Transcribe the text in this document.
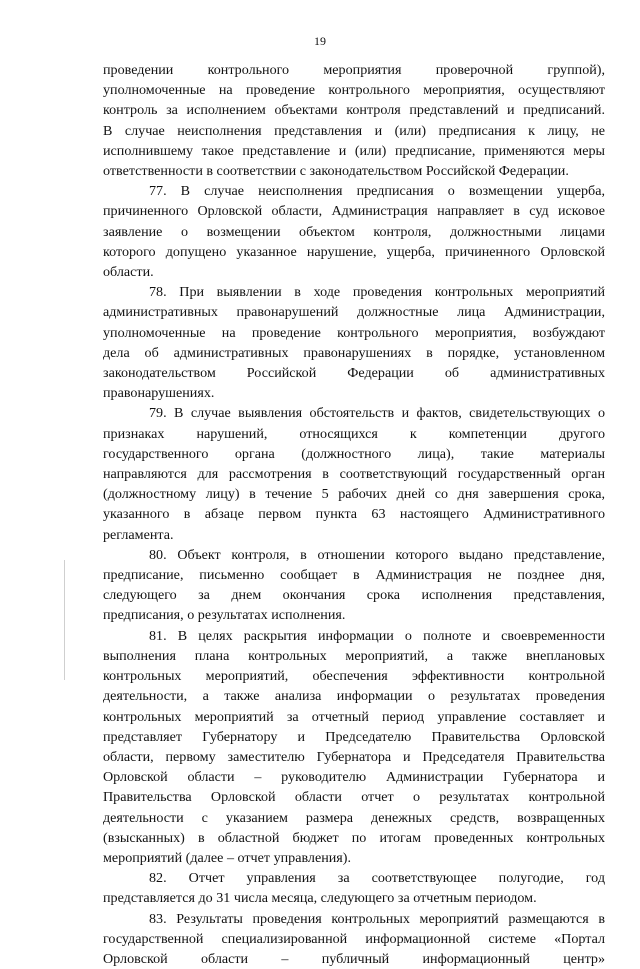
19
проведении контрольного мероприятия проверочной группой),
уполномоченные на проведение контрольного мероприятия, осуществляют
контроль за исполнением объектами контроля представлений и предписаний.
В случае неисполнения представления и (или) предписания к лицу, не
исполнившему такое представление и (или) предписание, применяются меры
ответственности в соответствии с законодательством Российской Федерации.
77. В случае неисполнения предписания о возмещении ущерба,
причиненного Орловской области, Администрация направляет в суд исковое
заявление о возмещении объектом контроля, должностными лицами
которого допущено указанное нарушение, ущерба, причиненного Орловской
области.
78. При выявлении в ходе проведения контрольных мероприятий
административных правонарушений должностные лица Администрации,
уполномоченные на проведение контрольного мероприятия, возбуждают
дела об административных правонарушениях в порядке, установленном
законодательством Российской Федерации об административных
правонарушениях.
79. В случае выявления обстоятельств и фактов, свидетельствующих о
признаках нарушений, относящихся к компетенции другого
государственного органа (должностного лица), такие материалы
направляются для рассмотрения в соответствующий государственный орган
(должностному лицу) в течение 5 рабочих дней со дня завершения срока,
указанного в абзаце первом пункта 63 настоящего Административного
регламента.
80. Объект контроля, в отношении которого выдано представление,
предписание, письменно сообщает в Администрация не позднее дня,
следующего за днем окончания срока исполнения представления,
предписания, о результатах исполнения.
81. В целях раскрытия информации о полноте и своевременности
выполнения плана контрольных мероприятий, а также внеплановых
контрольных мероприятий, обеспечения эффективности контрольной
деятельности, а также анализа информации о результатах проведения
контрольных мероприятий за отчетный период управление составляет и
представляет Губернатору и Председателю Правительства Орловской
области, первому заместителю Губернатора и Председателя Правительства
Орловской области – руководителю Администрации Губернатора и
Правительства Орловской области отчет о результатах контрольной
деятельности с указанием размера денежных средств, возвращенных
(взысканных) в областной бюджет по итогам проведенных контрольных
мероприятий (далее – отчет управления).
82. Отчет управления за соответствующее полугодие, год
представляется до 31 числа месяца, следующего за отчетным периодом.
83. Результаты проведения контрольных мероприятий размещаются в
государственной специализированной информационной системе «Портал
Орловской области – публичный информационный центр»
